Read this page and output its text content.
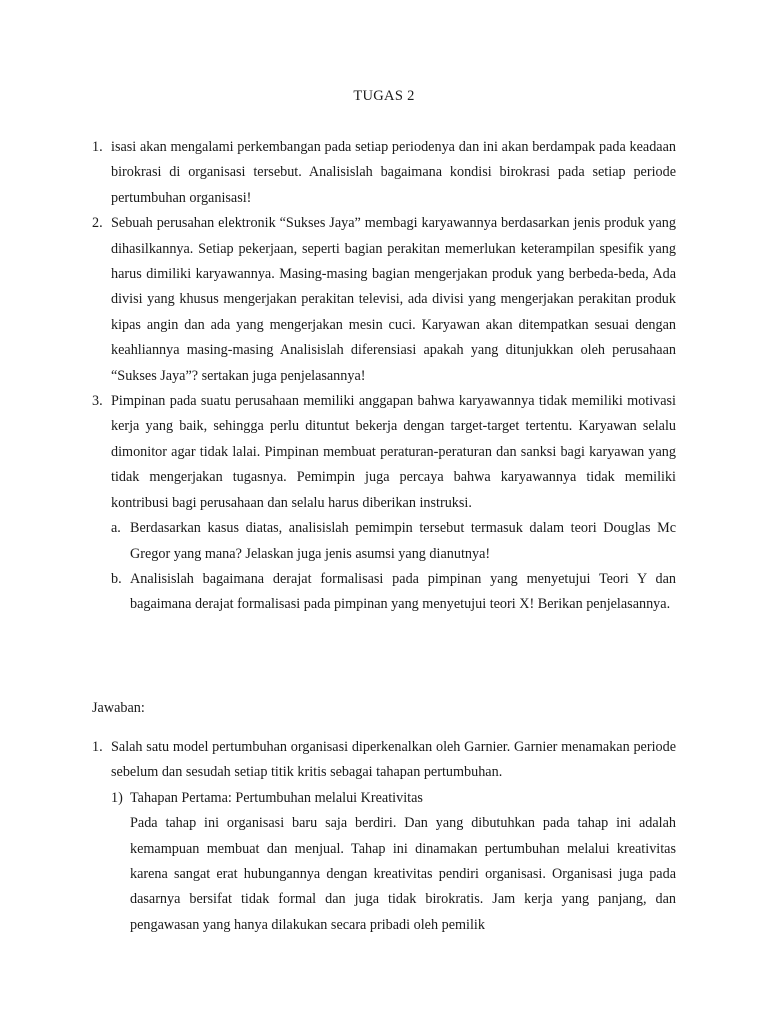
TUGAS 2
1. isasi akan mengalami perkembangan pada setiap periodenya dan ini akan berdampak pada keadaan birokrasi di organisasi tersebut. Analisislah bagaimana kondisi birokrasi pada setiap periode pertumbuhan organisasi!
2. Sebuah perusahan elektronik “Sukses Jaya” membagi karyawannya berdasarkan jenis produk yang dihasilkannya. Setiap pekerjaan, seperti bagian perakitan memerlukan keterampilan spesifik yang harus dimiliki karyawannya. Masing-masing bagian mengerjakan produk yang berbeda-beda, Ada divisi yang khusus mengerjakan perakitan televisi, ada divisi yang mengerjakan perakitan produk kipas angin dan ada yang mengerjakan mesin cuci. Karyawan akan ditempatkan sesuai dengan keahliannya masing-masing Analisislah diferensiasi apakah yang ditunjukkan oleh perusahaan “Sukses Jaya”? sertakan juga penjelasannya!
3. Pimpinan pada suatu perusahaan memiliki anggapan bahwa karyawannya tidak memiliki motivasi kerja yang baik, sehingga perlu dituntut bekerja dengan target-target tertentu. Karyawan selalu dimonitor agar tidak lalai. Pimpinan membuat peraturan-peraturan dan sanksi bagi karyawan yang tidak mengerjakan tugasnya. Pemimpin juga percaya bahwa karyawannya tidak memiliki kontribusi bagi perusahaan dan selalu harus diberikan instruksi.
a. Berdasarkan kasus diatas, analisislah pemimpin tersebut termasuk dalam teori Douglas Mc Gregor yang mana? Jelaskan juga jenis asumsi yang dianutnya!
b. Analisislah bagaimana derajat formalisasi pada pimpinan yang menyetujui Teori Y dan bagaimana derajat formalisasi pada pimpinan yang menyetujui teori X! Berikan penjelasannya.
Jawaban:
1. Salah satu model pertumbuhan organisasi diperkenalkan oleh Garnier. Garnier menamakan periode sebelum dan sesudah setiap titik kritis sebagai tahapan pertumbuhan.
1) Tahapan Pertama: Pertumbuhan melalui Kreativitas
Pada tahap ini organisasi baru saja berdiri. Dan yang dibutuhkan pada tahap ini adalah kemampuan membuat dan menjual. Tahap ini dinamakan pertumbuhan melalui kreativitas karena sangat erat hubungannya dengan kreativitas pendiri organisasi. Organisasi juga pada dasarnya bersifat tidak formal dan juga tidak birokratis. Jam kerja yang panjang, dan pengawasan yang hanya dilakukan secara pribadi oleh pemilik
